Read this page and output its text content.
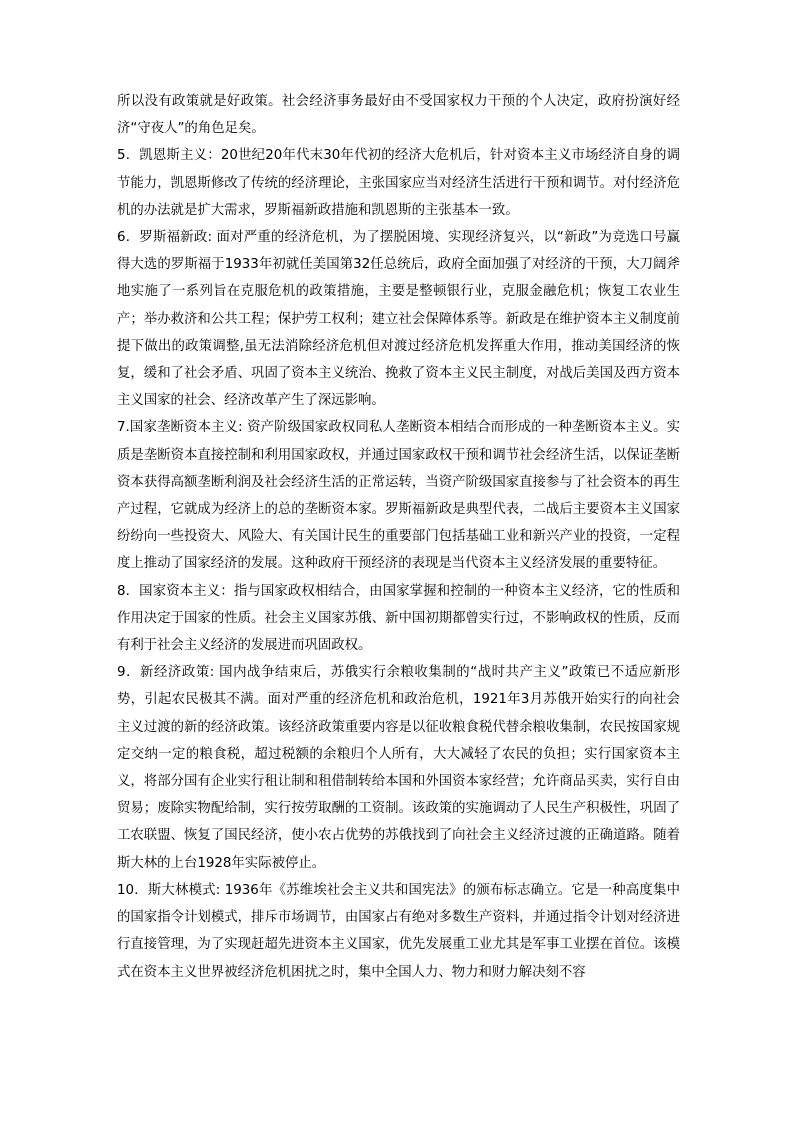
所以没有政策就是好政策。社会经济事务最好由不受国家权力干预的个人决定，政府扮演好经济“守夜人”的角色足矣。

5．凯恩斯主义：20世纪20年代末30年代初的经济大危机后，针对资本主义市场经济自身的调节能力，凯恩斯修改了传统的经济理论，主张国家应当对经济生活进行干预和调节。对付经济危机的办法就是扩大需求，罗斯福新政措施和凯恩斯的主张基本一致。

6．罗斯福新政: 面对严重的经济危机，为了摆脱困境、实现经济复兴，以“新政”为竞选口号赢得大选的罗斯福于1933年初就任美国第32任总统后，政府全面加强了对经济的干预，大刀阔斧地实施了一系列旨在克服危机的政策措施，主要是整顿银行业，克服金融危机；恢复工农业生产；举办救济和公共工程；保护劳工权利；建立社会保障体系等。新政是在维护资本主义制度前提下做出的政策调整,虽无法消除经济危机但对渡过经济危机发挥重大作用，推动美国经济的恢复，缓和了社会矛盾、巩固了资本主义统治、挽救了资本主义民主制度，对战后美国及西方资本主义国家的社会、经济改革产生了深远影响。

7.国家垄断资本主义: 资产阶级国家政权同私人垄断资本相结合而形成的一种垄断资本主义。实质是垄断资本直接控制和利用国家政权，并通过国家政权干预和调节社会经济生活，以保证垄断资本获得高额垄断利润及社会经济生活的正常运转，当资产阶级国家直接参与了社会资本的再生产过程，它就成为经济上的总的垄断资本家。罗斯福新政是典型代表，二战后主要资本主义国家纷纷向一些投资大、风险大、有关国计民生的重要部门包括基础工业和新兴产业的投资，一定程度上推动了国家经济的发展。这种政府干预经济的表现是当代资本主义经济发展的重要特征。

8．国家资本主义：指与国家政权相结合，由国家掌握和控制的一种资本主义经济，它的性质和作用决定于国家的性质。社会主义国家苏俄、新中国初期都曾实行过，不影响政权的性质，反而有利于社会主义经济的发展进而巩固政权。

9．新经济政策: 国内战争结束后，苏俄实行余粮收集制的“战时共产主义”政策已不适应新形势，引起农民极其不满。面对严重的经济危机和政治危机，1921年3月苏俄开始实行的向社会主义过渡的新的经济政策。该经济政策重要内容是以征收粮食税代替余粮收集制，农民按国家规定交纳一定的粮食税，超过税额的余粮归个人所有，大大减轻了农民的负担；实行国家资本主义，将部分国有企业实行租让制和租借制转给本国和外国资本家经营；允许商品买卖，实行自由贸易；废除实物配给制，实行按劳取酬的工资制。该政策的实施调动了人民生产积极性，巩固了工农联盟、恢复了国民经济，使小农占优势的苏俄找到了向社会主义经济过渡的正确道路。随着斯大林的上台1928年实际被停止。

10．斯大林模式: 1936年《苏维埃社会主义共和国宪法》的颁布标志确立。它是一种高度集中的国家指令计划模式，排斥市场调节，由国家占有绝对多数生产资料，并通过指令计划对经济进行直接管理，为了实现赶超先进资本主义国家，优先发展重工业尤其是军事工业摆在首位。该模式在资本主义世界被经济危机困扰之时，集中全国人力、物力和财力解决刻不容
